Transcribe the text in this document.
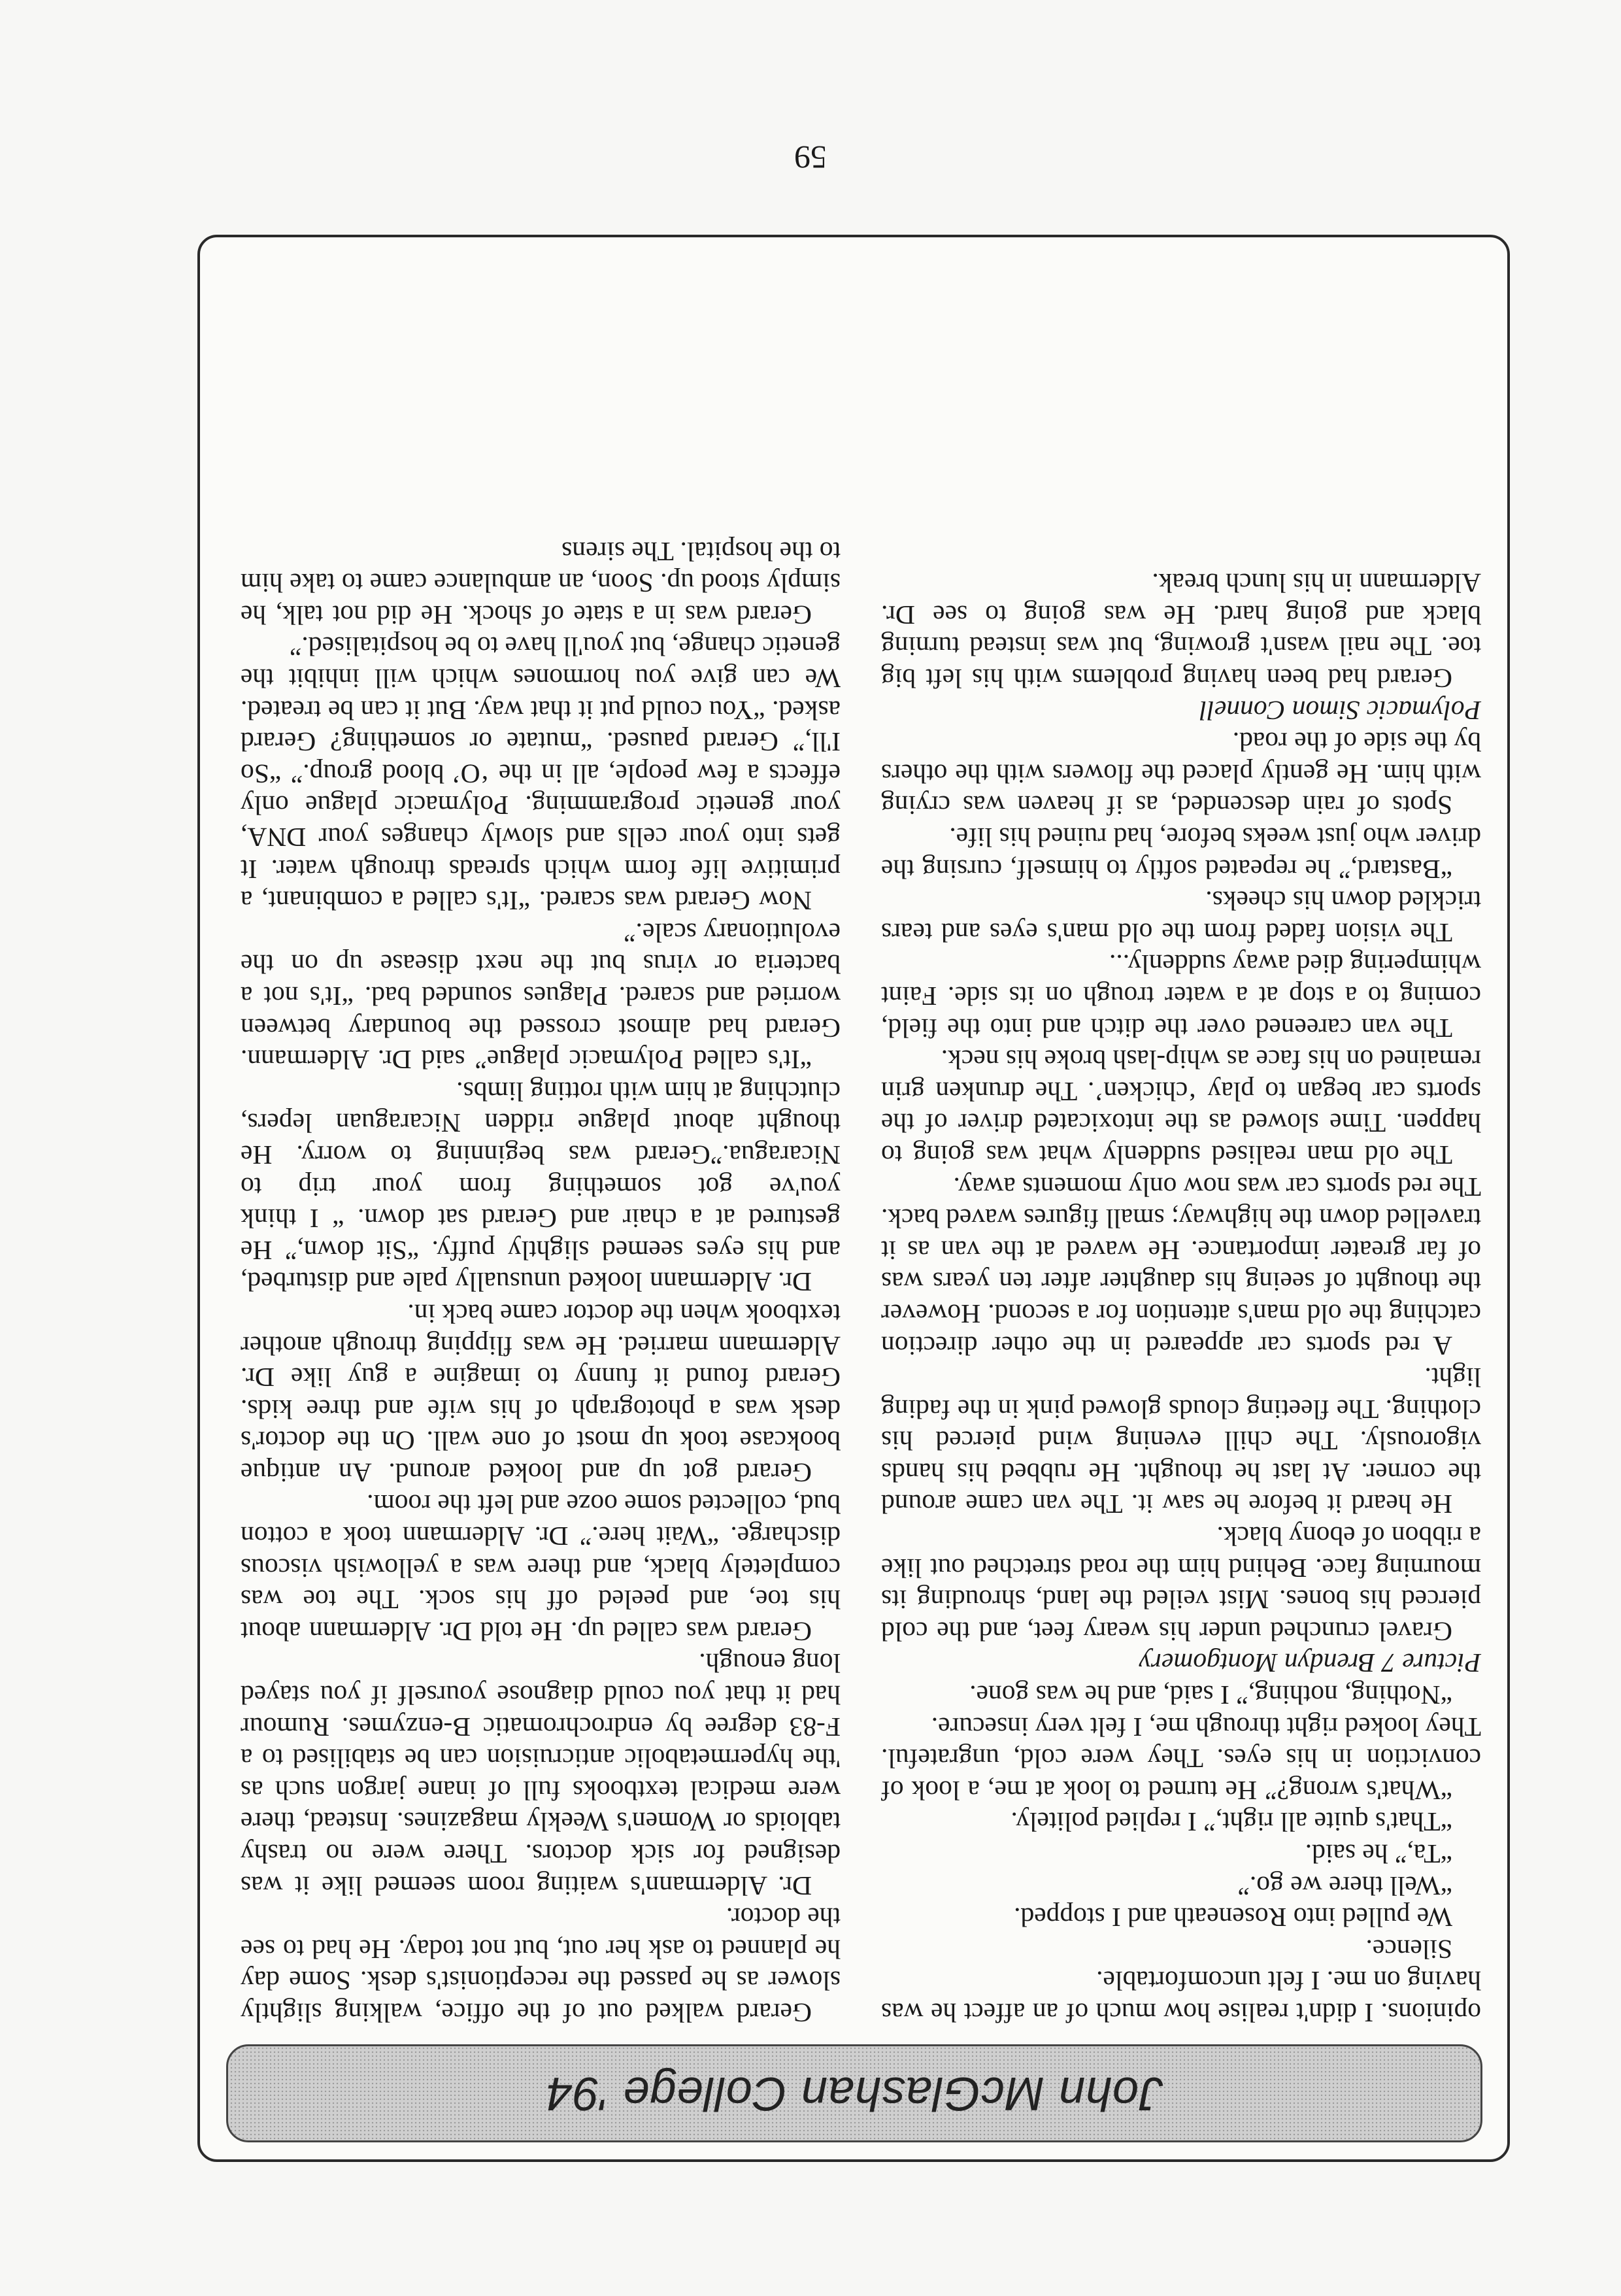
John McGlashan College '94

opinions. I didn't realise how much of an affect he was having on me. I felt uncomfortable.

Silence.

We pulled into Roseneath and I stopped.

“Well there we go.”

“Ta,” he said.

“That's quite all right,” I replied politely.

“What's wrong?” He turned to look at me, a look of conviction in his eyes. They were cold, ungrateful. They looked right through me, I felt very insecure.

“Nothing, nothing,” I said, and he was gone.

Picture 7 Brendyn Montgomery

Gravel crunched under his weary feet, and the cold pierced his bones. Mist veiled the land, shrouding its mourning face. Behind him the road stretched out like a ribbon of ebony black.

He heard it before he saw it. The van came around the corner. At last he thought. He rubbed his hands vigorously. The chill evening wind pierced his clothing. The fleeting clouds glowed pink in the fading light.

A red sports car appeared in the other direction catching the old man's attention for a second. However the thought of seeing his daughter after ten years was of far greater importance. He waved at the van as it travelled down the highway; small figures waved back. The red sports car was now only moments away.

The old man realised suddenly what was going to happen. Time slowed as the intoxicated driver of the sports car began to play ‘chicken’. The drunken grin remained on his face as whip-lash broke his neck.

The van careened over the ditch and into the field, coming to a stop at a water trough on its side. Faint whimpering died away suddenly...

The vision faded from the old man's eyes and tears trickled down his cheeks.

“Bastard,” he repeated softly to himself, cursing the driver who just weeks before, had ruined his life.

Spots of rain descended, as if heaven was crying with him. He gently placed the flowers with the others by the side of the road.

Polymacic Simon Connell

Gerard had been having problems with his left big toe. The nail wasn't growing, but was instead turning black and going hard. He was going to see Dr. Aldermann in his lunch break.

Gerard walked out of the office, walking slightly slower as he passed the receptionist's desk. Some day he planned to ask her out, but not today. He had to see the doctor.

Dr. Aldermann's waiting room seemed like it was designed for sick doctors. There were no trashy tabloids or Women's Weekly magazines. Instead, there were medical textbooks full of inane jargon such as 'the hypermetabolic anticruision can be stabilised to a F-83 degree by endrochromatic B-enzymes. Rumour had it that you could diagnose yourself if you stayed long enough.

Gerard was called up. He told Dr. Aldermann about his toe, and peeled off his sock. The toe was completely black, and there was a yellowish viscous discharge. “Wait here.” Dr. Aldermann took a cotton bud, collected some ooze and left the room.

Gerard got up and looked around. An antique bookcase took up most of one wall. On the doctor's desk was a photograph of his wife and three kids. Gerard found it funny to imagine a guy like Dr. Aldermann married. He was flipping through another textbook when the doctor came back in.

Dr. Aldermann looked unusually pale and disturbed, and his eyes seemed slightly puffy. “Sit down,” He gestured at a chair and Gerard sat down. “ I think you've got something from your trip to Nicaragua.”Gerard was beginning to worry. He thought about plague ridden Nicaraguan lepers, clutching at him with rotting limbs.

“It's called Polymacic plague” said Dr. Aldermann. Gerard had almost crossed the boundary between worried and scared. Plagues sounded bad. “It's not a bacteria or virus but the next disease up on the evolutionary scale.”

Now Gerard was scared. “It's called a combinant, a primitive life form which spreads through water. It gets into your cells and slowly changes your DNA, your genetic programming. Polymacic plague only effects a few people, all in the ‘O’ blood group.” “So I'll,” Gerard paused. “mutate or something? Gerard asked. “You could put it that way. But it can be treated. We can give you hormones which will inhibit the genetic change, but you'll have to be hospitalised.”

Gerard was in a state of shock. He did not talk, he simply stood up. Soon, an ambulance came to take him to the hospital. The sirens

59
